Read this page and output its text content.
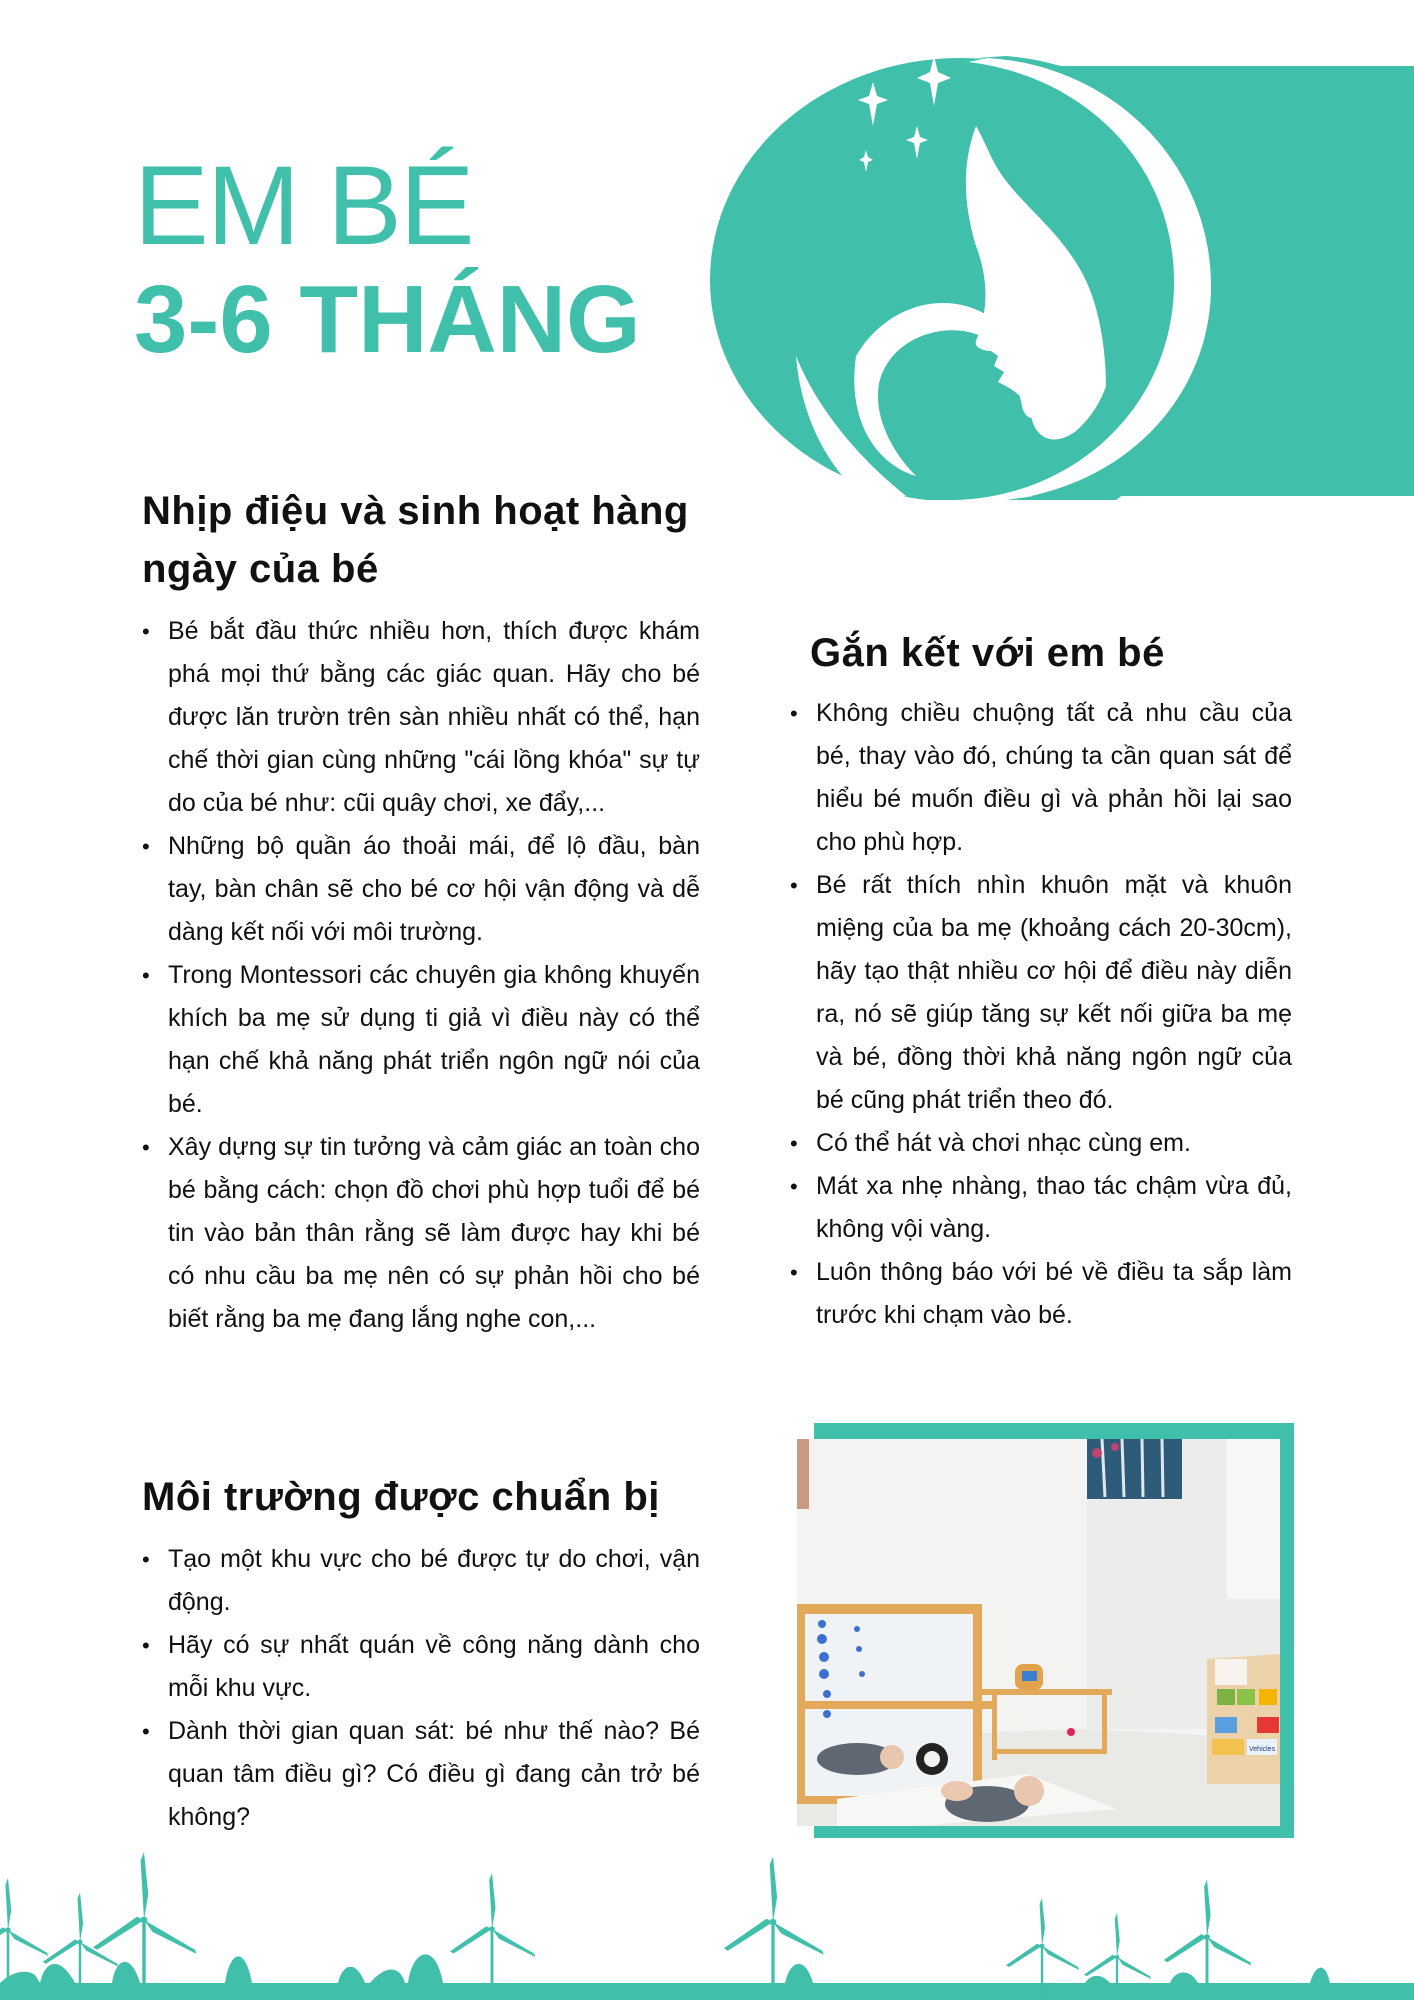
EM BÉ
3-6 THÁNG
Nhịp điệu và sinh hoạt hàng ngày của bé
• Bé bắt đầu thức nhiều hơn, thích được khám phá mọi thứ bằng các giác quan. Hãy cho bé được lăn trườn trên sàn nhiều nhất có thể, hạn chế thời gian cùng những "cái lồng khóa" sự tự do của bé như: cũi quây chơi, xe đẩy,...
• Những bộ quần áo thoải mái, để lộ đầu, bàn tay, bàn chân sẽ cho bé cơ hội vận động và dễ dàng kết nối với môi trường.
• Trong Montessori các chuyên gia không khuyến khích ba mẹ sử dụng ti giả vì điều này có thể hạn chế khả năng phát triển ngôn ngữ nói của bé.
• Xây dựng sự tin tưởng và cảm giác an toàn cho bé bằng cách: chọn đồ chơi phù hợp tuổi để bé tin vào bản thân rằng sẽ làm được hay khi bé có nhu cầu ba mẹ nên có sự phản hồi cho bé biết rằng ba mẹ đang lắng nghe con,...
Gắn kết với em bé
• Không chiều chuộng tất cả nhu cầu của bé, thay vào đó, chúng ta cần quan sát để hiểu bé muốn điều gì và phản hồi lại sao cho phù hợp.
• Bé rất thích nhìn khuôn mặt và khuôn miệng của ba mẹ (khoảng cách 20-30cm), hãy tạo thật nhiều cơ hội để điều này diễn ra, nó sẽ giúp tăng sự kết nối giữa ba mẹ và bé, đồng thời khả năng ngôn ngữ của bé cũng phát triển theo đó.
• Có thể hát và chơi nhạc cùng em.
• Mát xa nhẹ nhàng, thao tác chậm vừa đủ, không vội vàng.
• Luôn thông báo với bé về điều ta sắp làm trước khi chạm vào bé.
Môi trường được chuẩn bị
• Tạo một khu vực cho bé được tự do chơi, vận động.
• Hãy có sự nhất quán về công năng dành cho mỗi khu vực.
• Dành thời gian quan sát: bé như thế nào? Bé quan tâm điều gì? Có điều gì đang cản trở bé không?
Vehicles
